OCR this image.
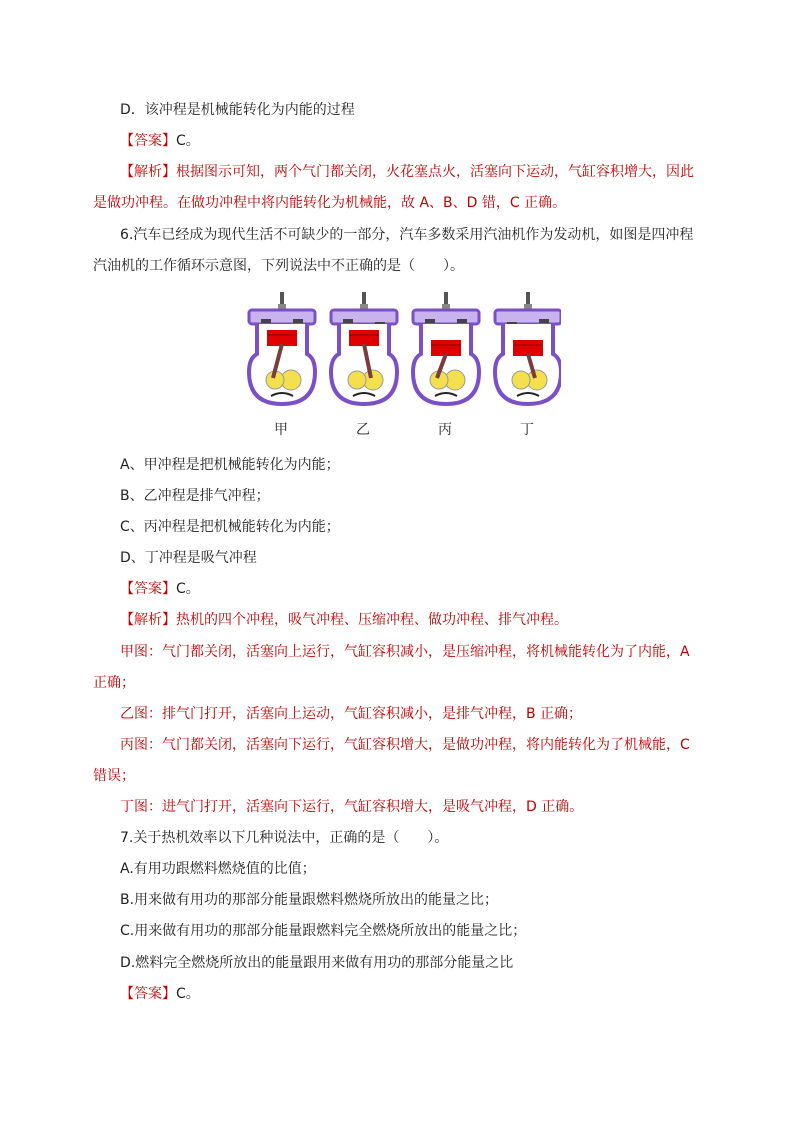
D．该冲程是机械能转化为内能的过程
【答案】C。
【解析】根据图示可知，两个气门都关闭，火花塞点火，活塞向下运动，气缸容积增大，因此
是做功冲程。在做功冲程中将内能转化为机械能，故 A、B、D 错，C 正确。
6.汽车已经成为现代生活不可缺少的一部分，汽车多数采用汽油机作为发动机，如图是四冲程
汽油机的工作循环示意图，下列说法中不正确的是（　　）。
甲	乙	丙	丁
A、甲冲程是把机械能转化为内能；
B、乙冲程是排气冲程；
C、丙冲程是把机械能转化为内能；
D、丁冲程是吸气冲程
【答案】C。
【解析】热机的四个冲程，吸气冲程、压缩冲程、做功冲程、排气冲程。
甲图：气门都关闭，活塞向上运行，气缸容积减小，是压缩冲程，将机械能转化为了内能，A
正确；
乙图：排气门打开，活塞向上运动，气缸容积减小，是排气冲程，B 正确；
丙图：气门都关闭，活塞向下运行，气缸容积增大，是做功冲程，将内能转化为了机械能，C
错误；
丁图：进气门打开，活塞向下运行，气缸容积增大，是吸气冲程，D 正确。
7.关于热机效率以下几种说法中，正确的是（　　）。
A.有用功跟燃料燃烧值的比值；
B.用来做有用功的那部分能量跟燃料燃烧所放出的能量之比；
C.用来做有用功的那部分能量跟燃料完全燃烧所放出的能量之比；
D.燃料完全燃烧所放出的能量跟用来做有用功的那部分能量之比
【答案】C。
